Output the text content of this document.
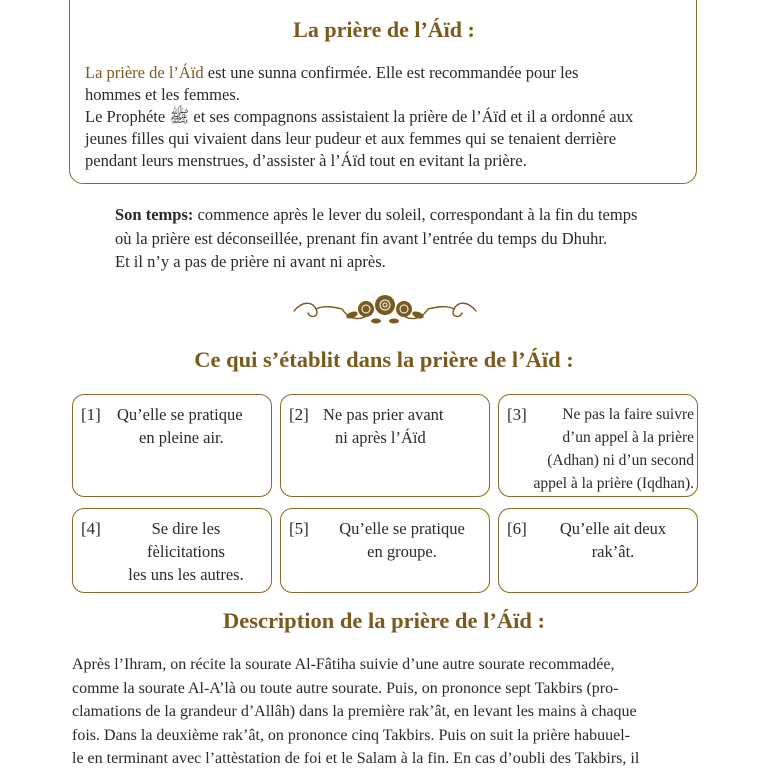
La prière de l’Áïd :
La prière de l’Áïd est une sunna confirmée. Elle est recommandée pour les
hommes et les femmes.
Le Prophéte ﷺ et ses compagnons assistaient la prière de l’Áïd et il a ordonné aux
jeunes filles qui vivaient dans leur pudeur et aux femmes qui se tenaient derrière
pendant leurs menstrues, d’assister à l’Áïd tout en evitant la prière.
Son temps: commence après le lever du soleil, correspondant à la fin du temps
où la prière est déconseillée, prenant fin avant l’entrée du temps du Dhuhr.
Et il n’y a pas de prière ni avant ni après.
Ce qui s’établit dans la prière de l’Áïd :
[1] Qu’elle se pratique
en pleine air.
[2] Ne pas prier avant
ni après l’Áïd
[3]	Ne pas la faire suivre
d’un appel à la prière
(Adhan) ni d’un second
appel à la prière (Iqdhan).
[4]	Se dire les
fèlicitations
les uns les autres.
[5]	Qu’elle se pratique
en groupe.
[6]	Qu’elle ait deux
rak’ât.
Description de la prière de l’Áïd :
Après l’Ihram, on récite la sourate Al-Fâtiha suivie d’une autre sourate recommadée,
comme la sourate Al-A’là ou toute autre sourate. Puis, on prononce sept Takbirs (pro-
clamations de la grandeur d’Allâh) dans la première rak’ât, en levant les mains à chaque
fois. Dans la deuxième rak’ât, on prononce cinq Takbirs. Puis on suit la prière habuuel-
le en terminant avec l’attèstation de foi et le Salam à la fin. En cas d’oubli des Takbirs, il
